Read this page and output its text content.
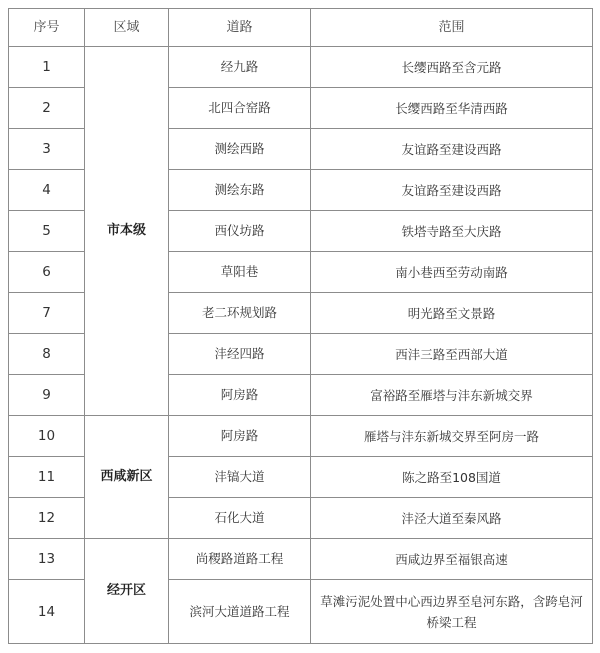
序号	区域	道路	范围
1	市本级	经九路	长缨西路至含元路
2		北四合窑路	长缨西路至华清西路
3		测绘西路	友谊路至建设西路
4		测绘东路	友谊路至建设西路
5		西仪坊路	铁塔寺路至大庆路
6		草阳巷	南小巷西至劳动南路
7		老二环规划路	明光路至文景路
8		沣经四路	西沣三路至西部大道
9		阿房路	富裕路至雁塔与沣东新城交界
10	西咸新区	阿房路	雁塔与沣东新城交界至阿房一路
11		沣镐大道	陈之路至108国道
12		石化大道	沣泾大道至秦风路
13	经开区	尚稷路道路工程	西咸边界至福银高速
14		滨河大道道路工程	草滩污泥处置中心西边界至皂河东路，含跨皂河桥梁工程
